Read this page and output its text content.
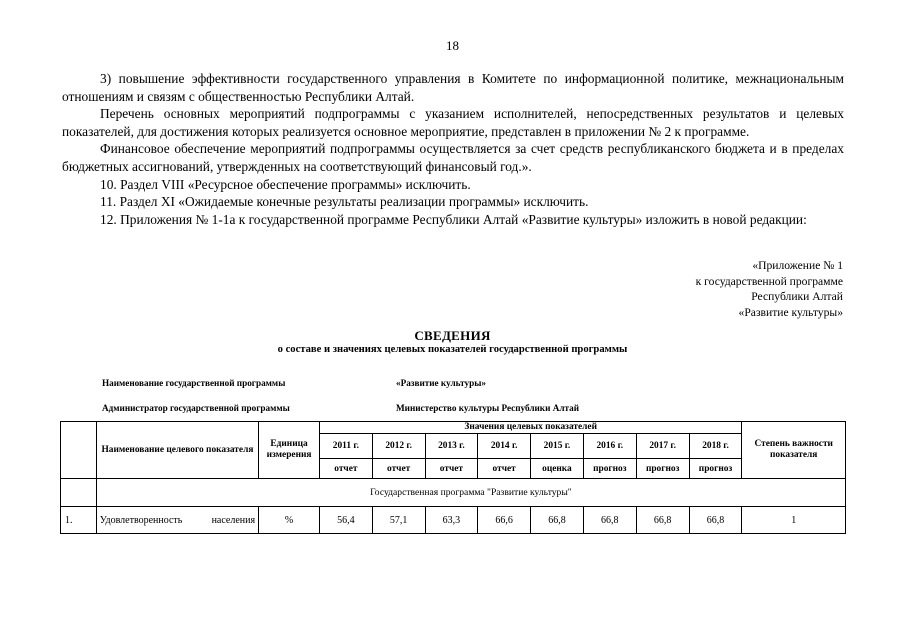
18

3) повышение эффективности государственного управления в Комитете по информационной политике, межнациональным отношениям и связям с общественностью Республики Алтай.

Перечень основных мероприятий подпрограммы с указанием исполнителей, непосредственных результатов и целевых показателей, для достижения которых реализуется основное мероприятие, представлен в приложении № 2 к программе.

Финансовое обеспечение мероприятий подпрограммы осуществляется за счет средств республиканского бюджета и в пределах бюджетных ассигнований, утвержденных на соответствующий финансовый год.».

10. Раздел VIII «Ресурсное обеспечение программы» исключить.

11. Раздел XI «Ожидаемые конечные результаты реализации программы» исключить.

12. Приложения № 1-1а к государственной программе Республики Алтай «Развитие культуры» изложить в новой редакции:

«Приложение № 1
к государственной программе
Республики Алтай
«Развитие культуры»
СВЕДЕНИЯ
о составе и значениях целевых показателей государственной программы
Наименование государственной программы	«Развитие культуры»
Администратор государственной программы	Министерство культуры Республики Алтай
	Наименование целевого показателя	Единица измерения	Значения целевых показателей								Степень важности показателя
			2011 г.	2012 г.	2013 г.	2014 г.	2015 г.	2016 г.	2017 г.	2018 г.	
			отчет	отчет	отчет	отчет	оценка	прогноз	прогноз	прогноз	
	Государственная программа "Развитие культуры"										
1.	Удовлетворенность населения	%	56,4	57,1	63,3	66,6	66,8	66,8	66,8	66,8	1
